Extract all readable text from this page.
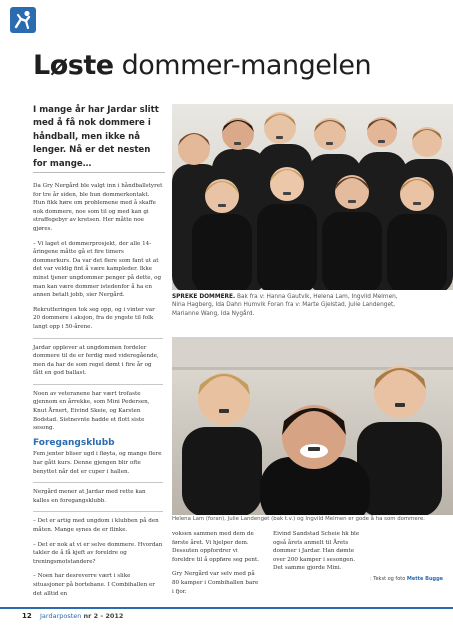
Løste dommer-mangelen
I mange år har Jardar slitt med å få nok dommere i håndball, men ikke nå lenger. Nå er det nesten for mange…

Da Gry Nergård ble valgt inn i håndballstyret for tre år siden, ble hun dommerkontakt. Hun fikk høre om problemene med å skaffe nok dommere, noe som til og med kan gi straffegebyr av kretsen. Her måtte noe gjøres.

– Vi laget et dommerprosjekt, der alle 14-åringene måtte gå et fire timers dommerkurs. Da var det flere som fant ut at det var veldig fint å være kampleder. Ikke minst tjener ungdommer penger på dette, og man kan være dommer istedenfor å ha en annen betalt jobb, sier Nergård.

Rekrutteringen tok seg opp, og i vinter var 20 dommere i aksjon, fra de yngste til folk langt opp i 50-årene.

Jardar opplever at ungdommen fordeler dommere til de er ferdig med videregående, men da har de som regel dømt i fire år og fått en god ballast.

Noen av veteranene har vært trofaste gjennom en årrekke, som Mini Pedersen, Knut Årnert, Eivind Skeie, og Karsten Bodstad. Sistnevnte hadde et flott siste sesong.

Foregangsklubb

Fem jenter bliser ugd i fløyta, og mange flere har gått kurs. Denne gjengen blir ofte benyttet når det er cuper i hallen.

Nergård mener at Jardar med rette kan kalles en foregangsklubb.

– Det er artig med ungdom i klubben på den måten. Mange synes de er flinke.

– Det er nok at vi er selve dommere. Hvordan takler de å få kjeft av foreldre og treningsmotstandere?

– Noen har desreverre vært i slike situasjoner på bortebane. I Combihallen er det alltid en

SPREKE DOMMERE. Bak fra v: Hanna Gautvik, Helena Lam, Ingvild Melmen, Nina Hagberg, Ida Dahn Humvik Foran fra v: Marte Gjelstad, Julie Landenget, Marianne Wang, Ida Nygård.
Helena Lam (foran), Julie Landenget (bak t.v.) og Ingvild Melmen er gode å ha som dommere.

voksen sammen med dem de første året. Vi hjelper dem. Dessuten oppfordrer vi foreldre til å oppføre seg pent.

Gry Nergård var selv med på 80 kamper i Combihallen bare i fjor.

Eivind Sandstad Scheie hk ble også årets anmelt til Årets dommer i Jardar. Han dømte over 200 kamper i sesongen. Det samme gjorde Mini.

: Tekst og foto Mette Bugge
12 Jardarposten nr 2 - 2012
